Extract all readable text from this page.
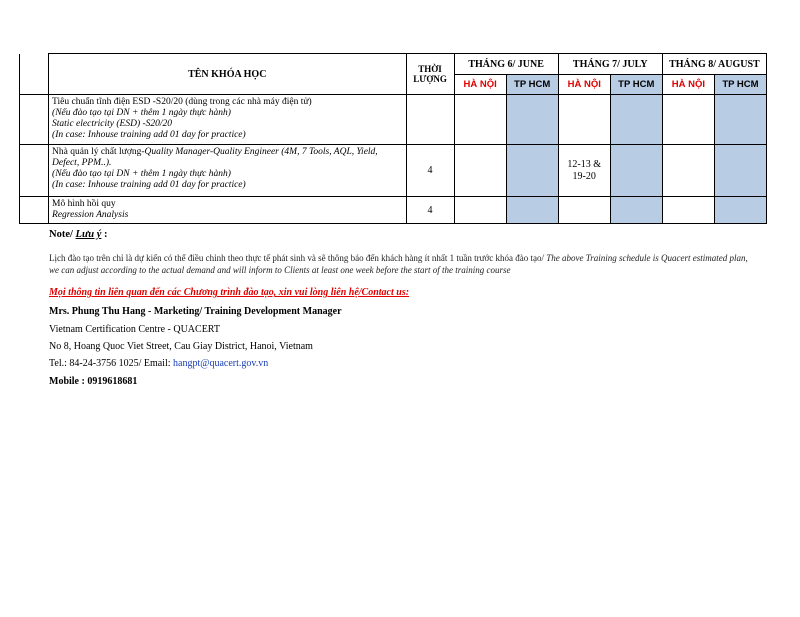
	TÊN KHÓA HỌC	THỜI
LƯỢNG	THÁNG 6/ JUNE		THÁNG 7/ JULY		THÁNG 8/ AUGUST	
			HÀ NỘI	TP HCM	HÀ NỘI	TP HCM	HÀ NỘI	TP HCM
	Tiêu chuẩn tĩnh điện ESD -S20/20 (dùng trong các nhà máy điện tử)
(Nếu đào tạo tại DN + thêm 1 ngày thực hành)
Static electricity (ESD) -S20/20
(In case: Inhouse training add 01 day for practice)							
	Nhà quản lý chất lượng-Quality Manager-Quality Engineer (4M, 7 Tools, AQL, Yield, Defect, PPM..).
(Nếu đào tạo tại DN + thêm 1 ngày thực hành)
(In case: Inhouse training add 01 day for practice)	4			12-13 & 19-20			
	Mô hình hồi quy
Regression Analysis	4						
Note/ Lưu ý :
Lịch đào tạo trên chỉ là dự kiến có thể điều chỉnh theo thực tế phát sinh và sẽ thông báo đến khách hàng ít nhất 1 tuần trước khóa đào tạo/ The above Training schedule is Quacert estimated plan, we can adjust according to the actual demand and will inform to Clients at least one week before the start of the training course
Mọi thông tin liên quan đến các Chương trình đào tạo, xin vui lòng liên hệ/Contact us:
Mrs. Phung Thu Hang - Marketing/ Training Development Manager
Vietnam Certification Centre - QUACERT
No 8, Hoang Quoc Viet Street, Cau Giay District, Hanoi, Vietnam
Tel.: 84-24-3756 1025/ Email: hangpt@quacert.gov.vn
Mobile : 0919618681
